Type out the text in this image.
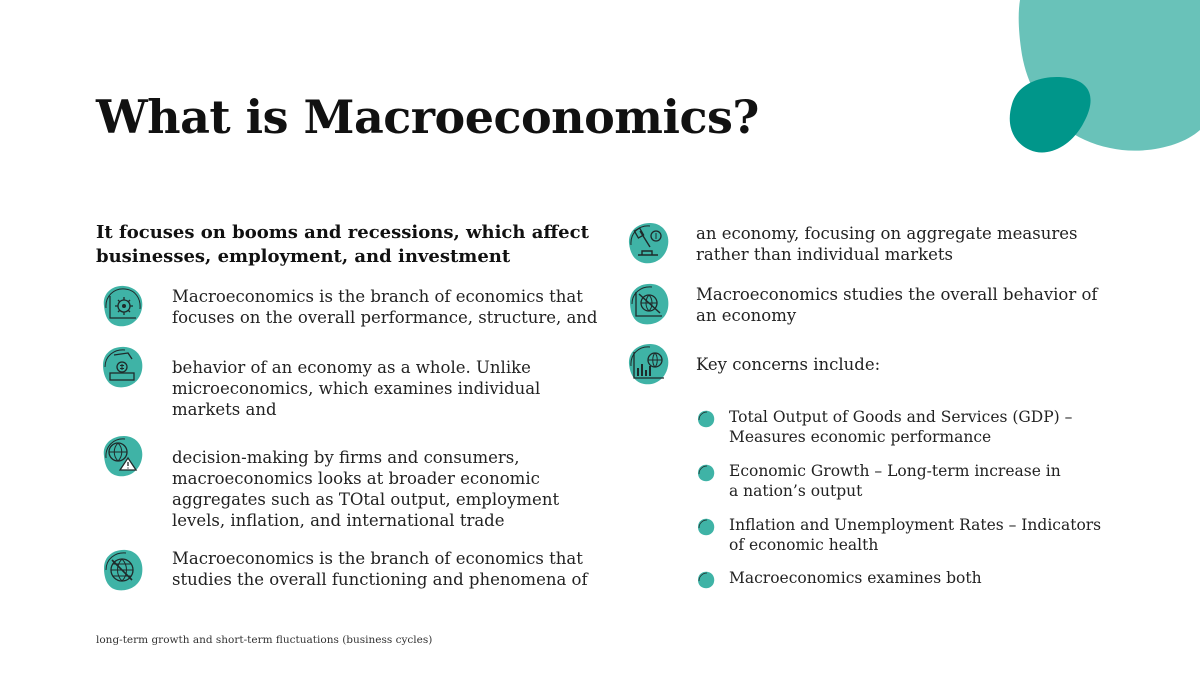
What is Macroeconomics?

It focuses on booms and recessions, which affect businesses, employment, and investment

Macroeconomics is the branch of economics that focuses on the overall performance, structure, and
behavior of an economy as a whole. Unlike microeconomics, which examines individual markets and
decision-making by firms and consumers, macroeconomics looks at broader economic aggregates such as TOtal output, employment levels, inflation, and international trade
Macroeconomics is the branch of economics that studies the overall functioning and phenomena of
an economy, focusing on aggregate measures rather than individual markets
Macroeconomics studies the overall behavior of an economy
Key concerns include:
Total Output of Goods and Services (GDP) – Measures economic performance
Economic Growth – Long-term increase in a nation’s output
Inflation and Unemployment Rates – Indicators of economic health
Macroeconomics examines both

long-term growth and short-term fluctuations (business cycles)
